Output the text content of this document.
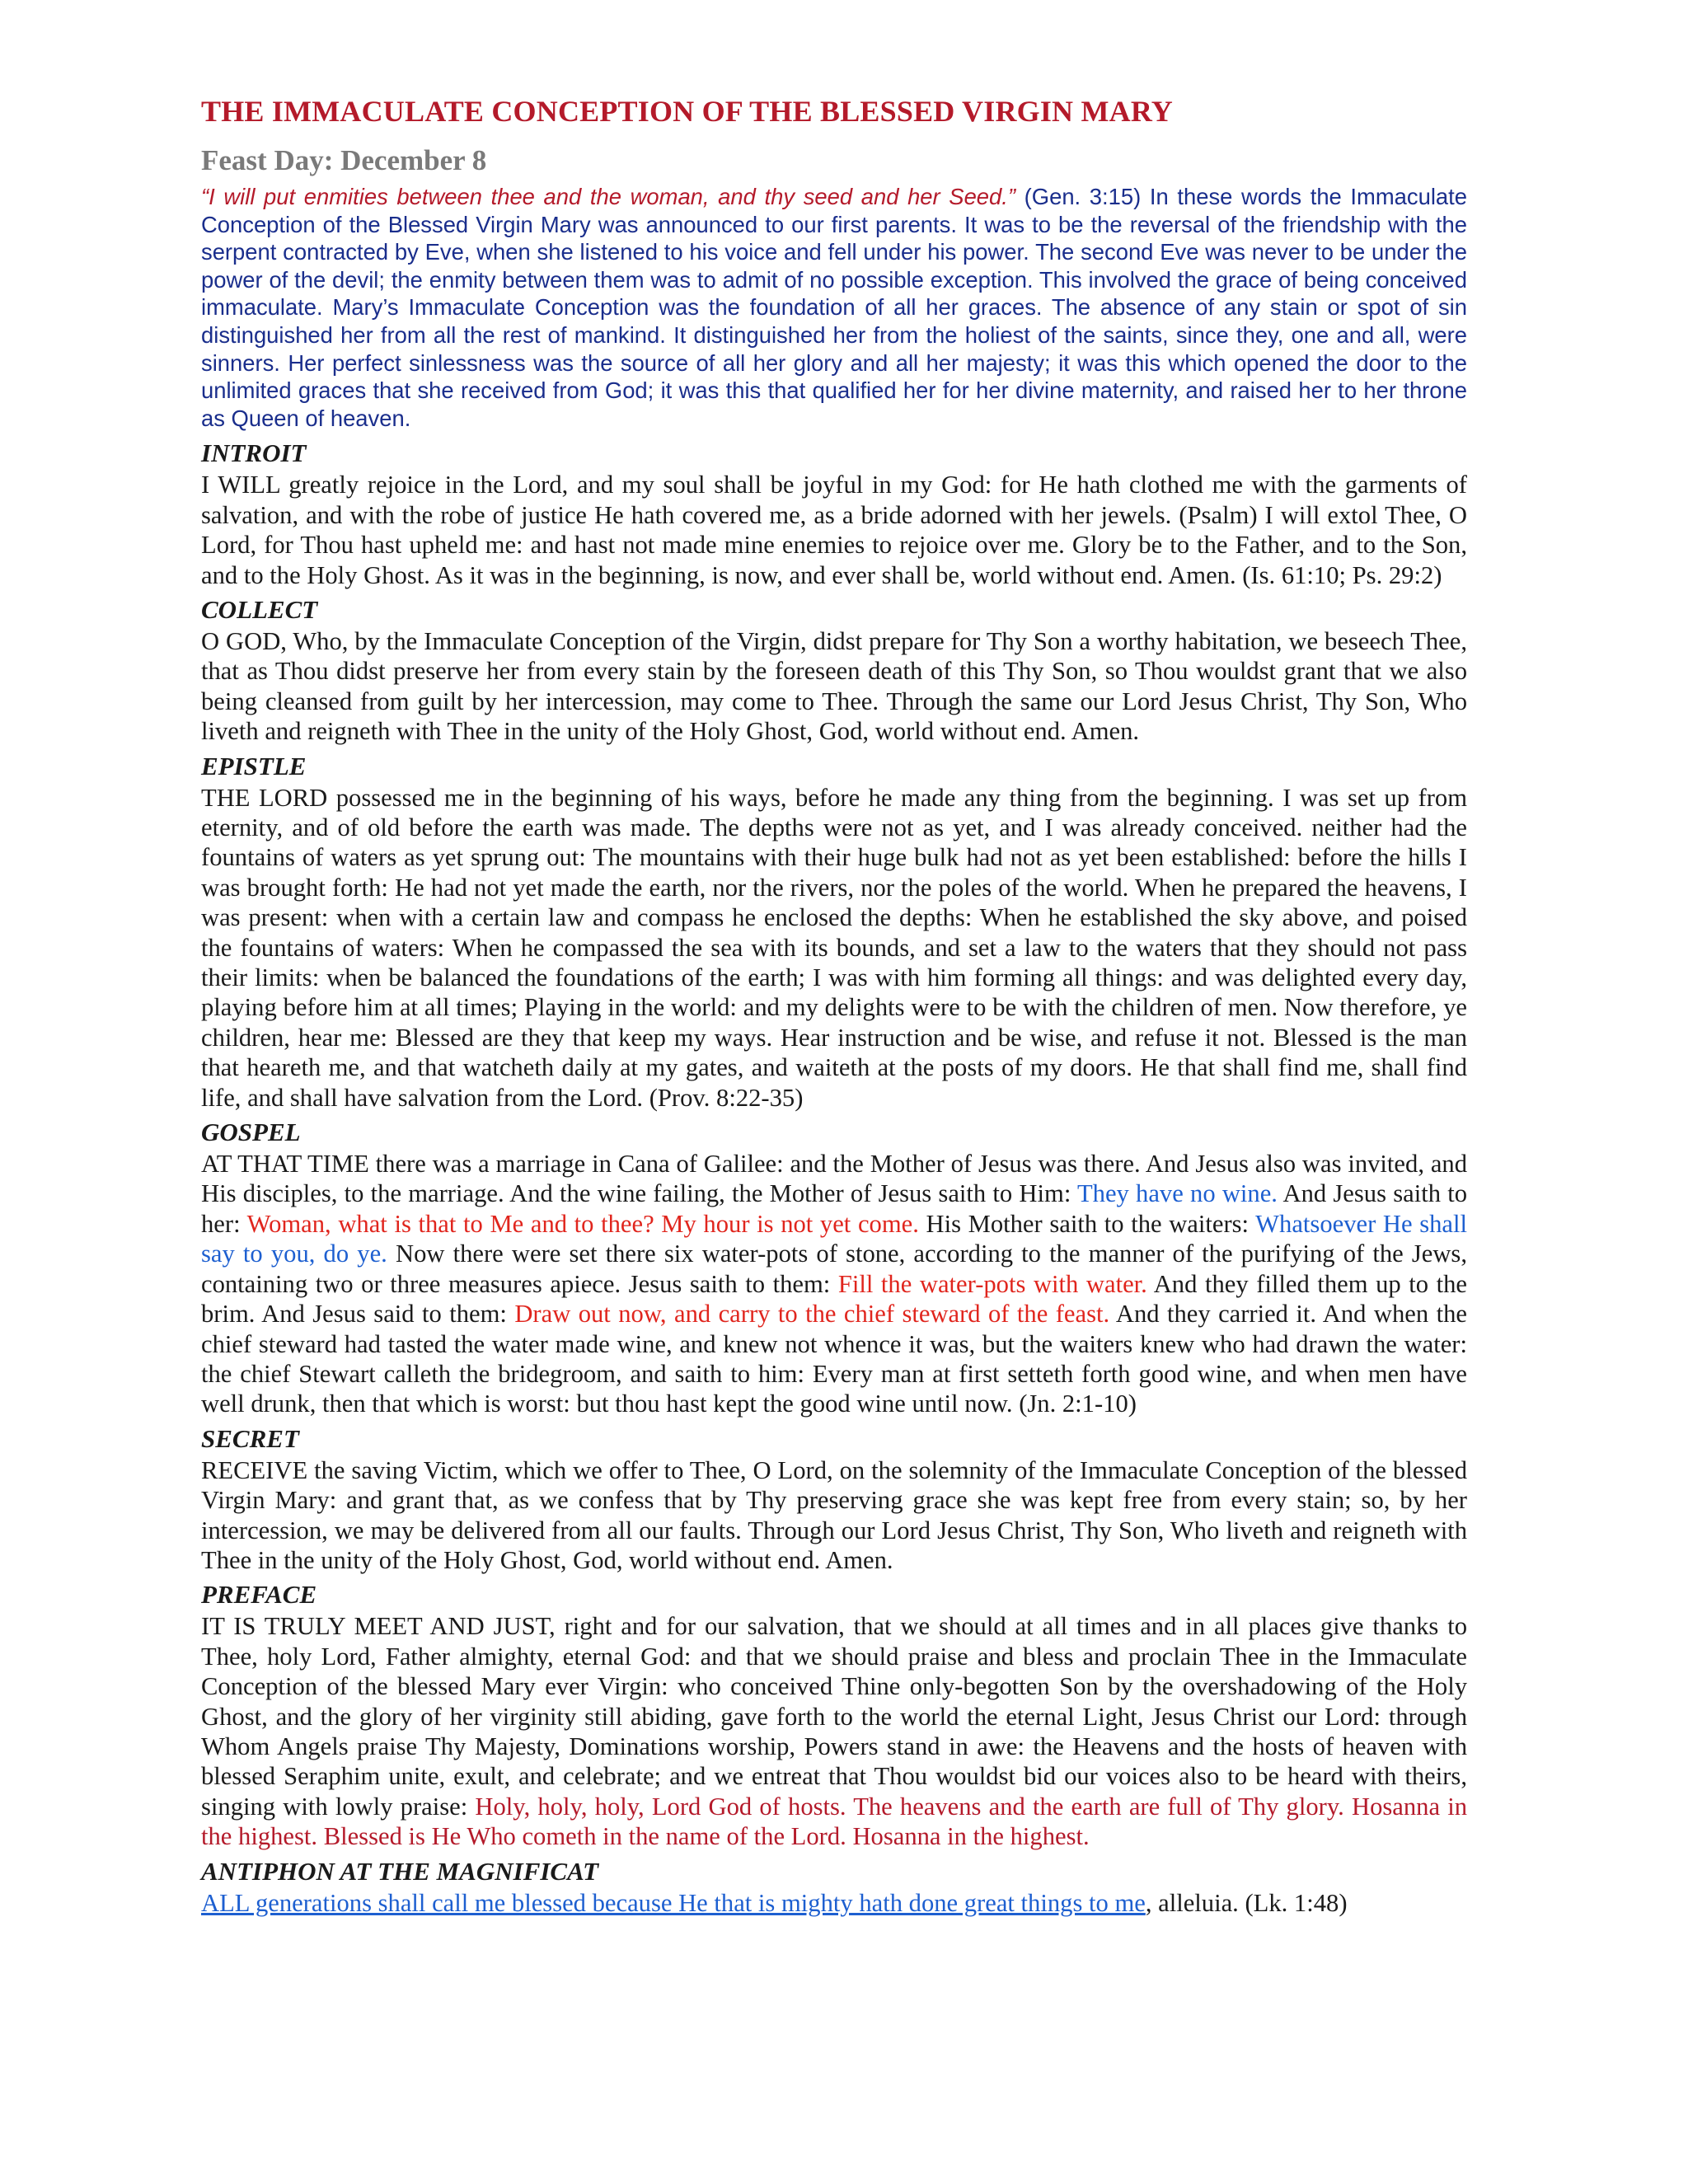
THE IMMACULATE CONCEPTION OF THE BLESSED VIRGIN MARY
Feast Day: December 8

“I will put enmities between thee and the woman, and thy seed and her Seed.” (Gen. 3:15) In these words the Immaculate Conception of the Blessed Virgin Mary was announced to our first parents. It was to be the reversal of the friendship with the serpent contracted by Eve, when she listened to his voice and fell under his power. The second Eve was never to be under the power of the devil; the enmity between them was to admit of no possible exception. This involved the grace of being conceived immaculate. Mary’s Immaculate Conception was the foundation of all her graces. The absence of any stain or spot of sin distinguished her from all the rest of mankind. It distinguished her from the holiest of the saints, since they, one and all, were sinners. Her perfect sinlessness was the source of all her glory and all her majesty; it was this which opened the door to the unlimited graces that she received from God; it was this that qualified her for her divine maternity, and raised her to her throne as Queen of heaven.

INTROIT

I WILL greatly rejoice in the Lord, and my soul shall be joyful in my God: for He hath clothed me with the garments of salvation, and with the robe of justice He hath covered me, as a bride adorned with her jewels. (Psalm) I will extol Thee, O Lord, for Thou hast upheld me: and hast not made mine enemies to rejoice over me. Glory be to the Father, and to the Son, and to the Holy Ghost. As it was in the beginning, is now, and ever shall be, world without end. Amen. (Is. 61:10; Ps. 29:2)

COLLECT

O GOD, Who, by the Immaculate Conception of the Virgin, didst prepare for Thy Son a worthy habitation, we beseech Thee, that as Thou didst preserve her from every stain by the foreseen death of this Thy Son, so Thou wouldst grant that we also being cleansed from guilt by her intercession, may come to Thee. Through the same our Lord Jesus Christ, Thy Son, Who liveth and reigneth with Thee in the unity of the Holy Ghost, God, world without end. Amen.

EPISTLE

THE LORD possessed me in the beginning of his ways, before he made any thing from the beginning. I was set up from eternity, and of old before the earth was made. The depths were not as yet, and I was already conceived. neither had the fountains of waters as yet sprung out: The mountains with their huge bulk had not as yet been established: before the hills I was brought forth: He had not yet made the earth, nor the rivers, nor the poles of the world. When he prepared the heavens, I was present: when with a certain law and compass he enclosed the depths: When he established the sky above, and poised the fountains of waters: When he compassed the sea with its bounds, and set a law to the waters that they should not pass their limits: when be balanced the foundations of the earth; I was with him forming all things: and was delighted every day, playing before him at all times; Playing in the world: and my delights were to be with the children of men. Now therefore, ye children, hear me: Blessed are they that keep my ways. Hear instruction and be wise, and refuse it not. Blessed is the man that heareth me, and that watcheth daily at my gates, and waiteth at the posts of my doors. He that shall find me, shall find life, and shall have salvation from the Lord. (Prov. 8:22-35)

GOSPEL

AT THAT TIME there was a marriage in Cana of Galilee: and the Mother of Jesus was there. And Jesus also was invited, and His disciples, to the marriage. And the wine failing, the Mother of Jesus saith to Him: They have no wine. And Jesus saith to her: Woman, what is that to Me and to thee? My hour is not yet come. His Mother saith to the waiters: Whatsoever He shall say to you, do ye. Now there were set there six water-pots of stone, according to the manner of the purifying of the Jews, containing two or three measures apiece. Jesus saith to them: Fill the water-pots with water. And they filled them up to the brim. And Jesus said to them: Draw out now, and carry to the chief steward of the feast. And they carried it. And when the chief steward had tasted the water made wine, and knew not whence it was, but the waiters knew who had drawn the water: the chief Stewart calleth the bridegroom, and saith to him: Every man at first setteth forth good wine, and when men have well drunk, then that which is worst: but thou hast kept the good wine until now. (Jn. 2:1-10)

SECRET

RECEIVE the saving Victim, which we offer to Thee, O Lord, on the solemnity of the Immaculate Conception of the blessed Virgin Mary: and grant that, as we confess that by Thy preserving grace she was kept free from every stain; so, by her intercession, we may be delivered from all our faults. Through our Lord Jesus Christ, Thy Son, Who liveth and reigneth with Thee in the unity of the Holy Ghost, God, world without end. Amen.

PREFACE

IT IS TRULY MEET AND JUST, right and for our salvation, that we should at all times and in all places give thanks to Thee, holy Lord, Father almighty, eternal God: and that we should praise and bless and proclain Thee in the Immaculate Conception of the blessed Mary ever Virgin: who conceived Thine only-begotten Son by the overshadowing of the Holy Ghost, and the glory of her virginity still abiding, gave forth to the world the eternal Light, Jesus Christ our Lord: through Whom Angels praise Thy Majesty, Dominations worship, Powers stand in awe: the Heavens and the hosts of heaven with blessed Seraphim unite, exult, and celebrate; and we entreat that Thou wouldst bid our voices also to be heard with theirs, singing with lowly praise: Holy, holy, holy, Lord God of hosts. The heavens and the earth are full of Thy glory. Hosanna in the highest. Blessed is He Who cometh in the name of the Lord. Hosanna in the highest.

ANTIPHON AT THE MAGNIFICAT

ALL generations shall call me blessed because He that is mighty hath done great things to me, alleluia. (Lk. 1:48)
